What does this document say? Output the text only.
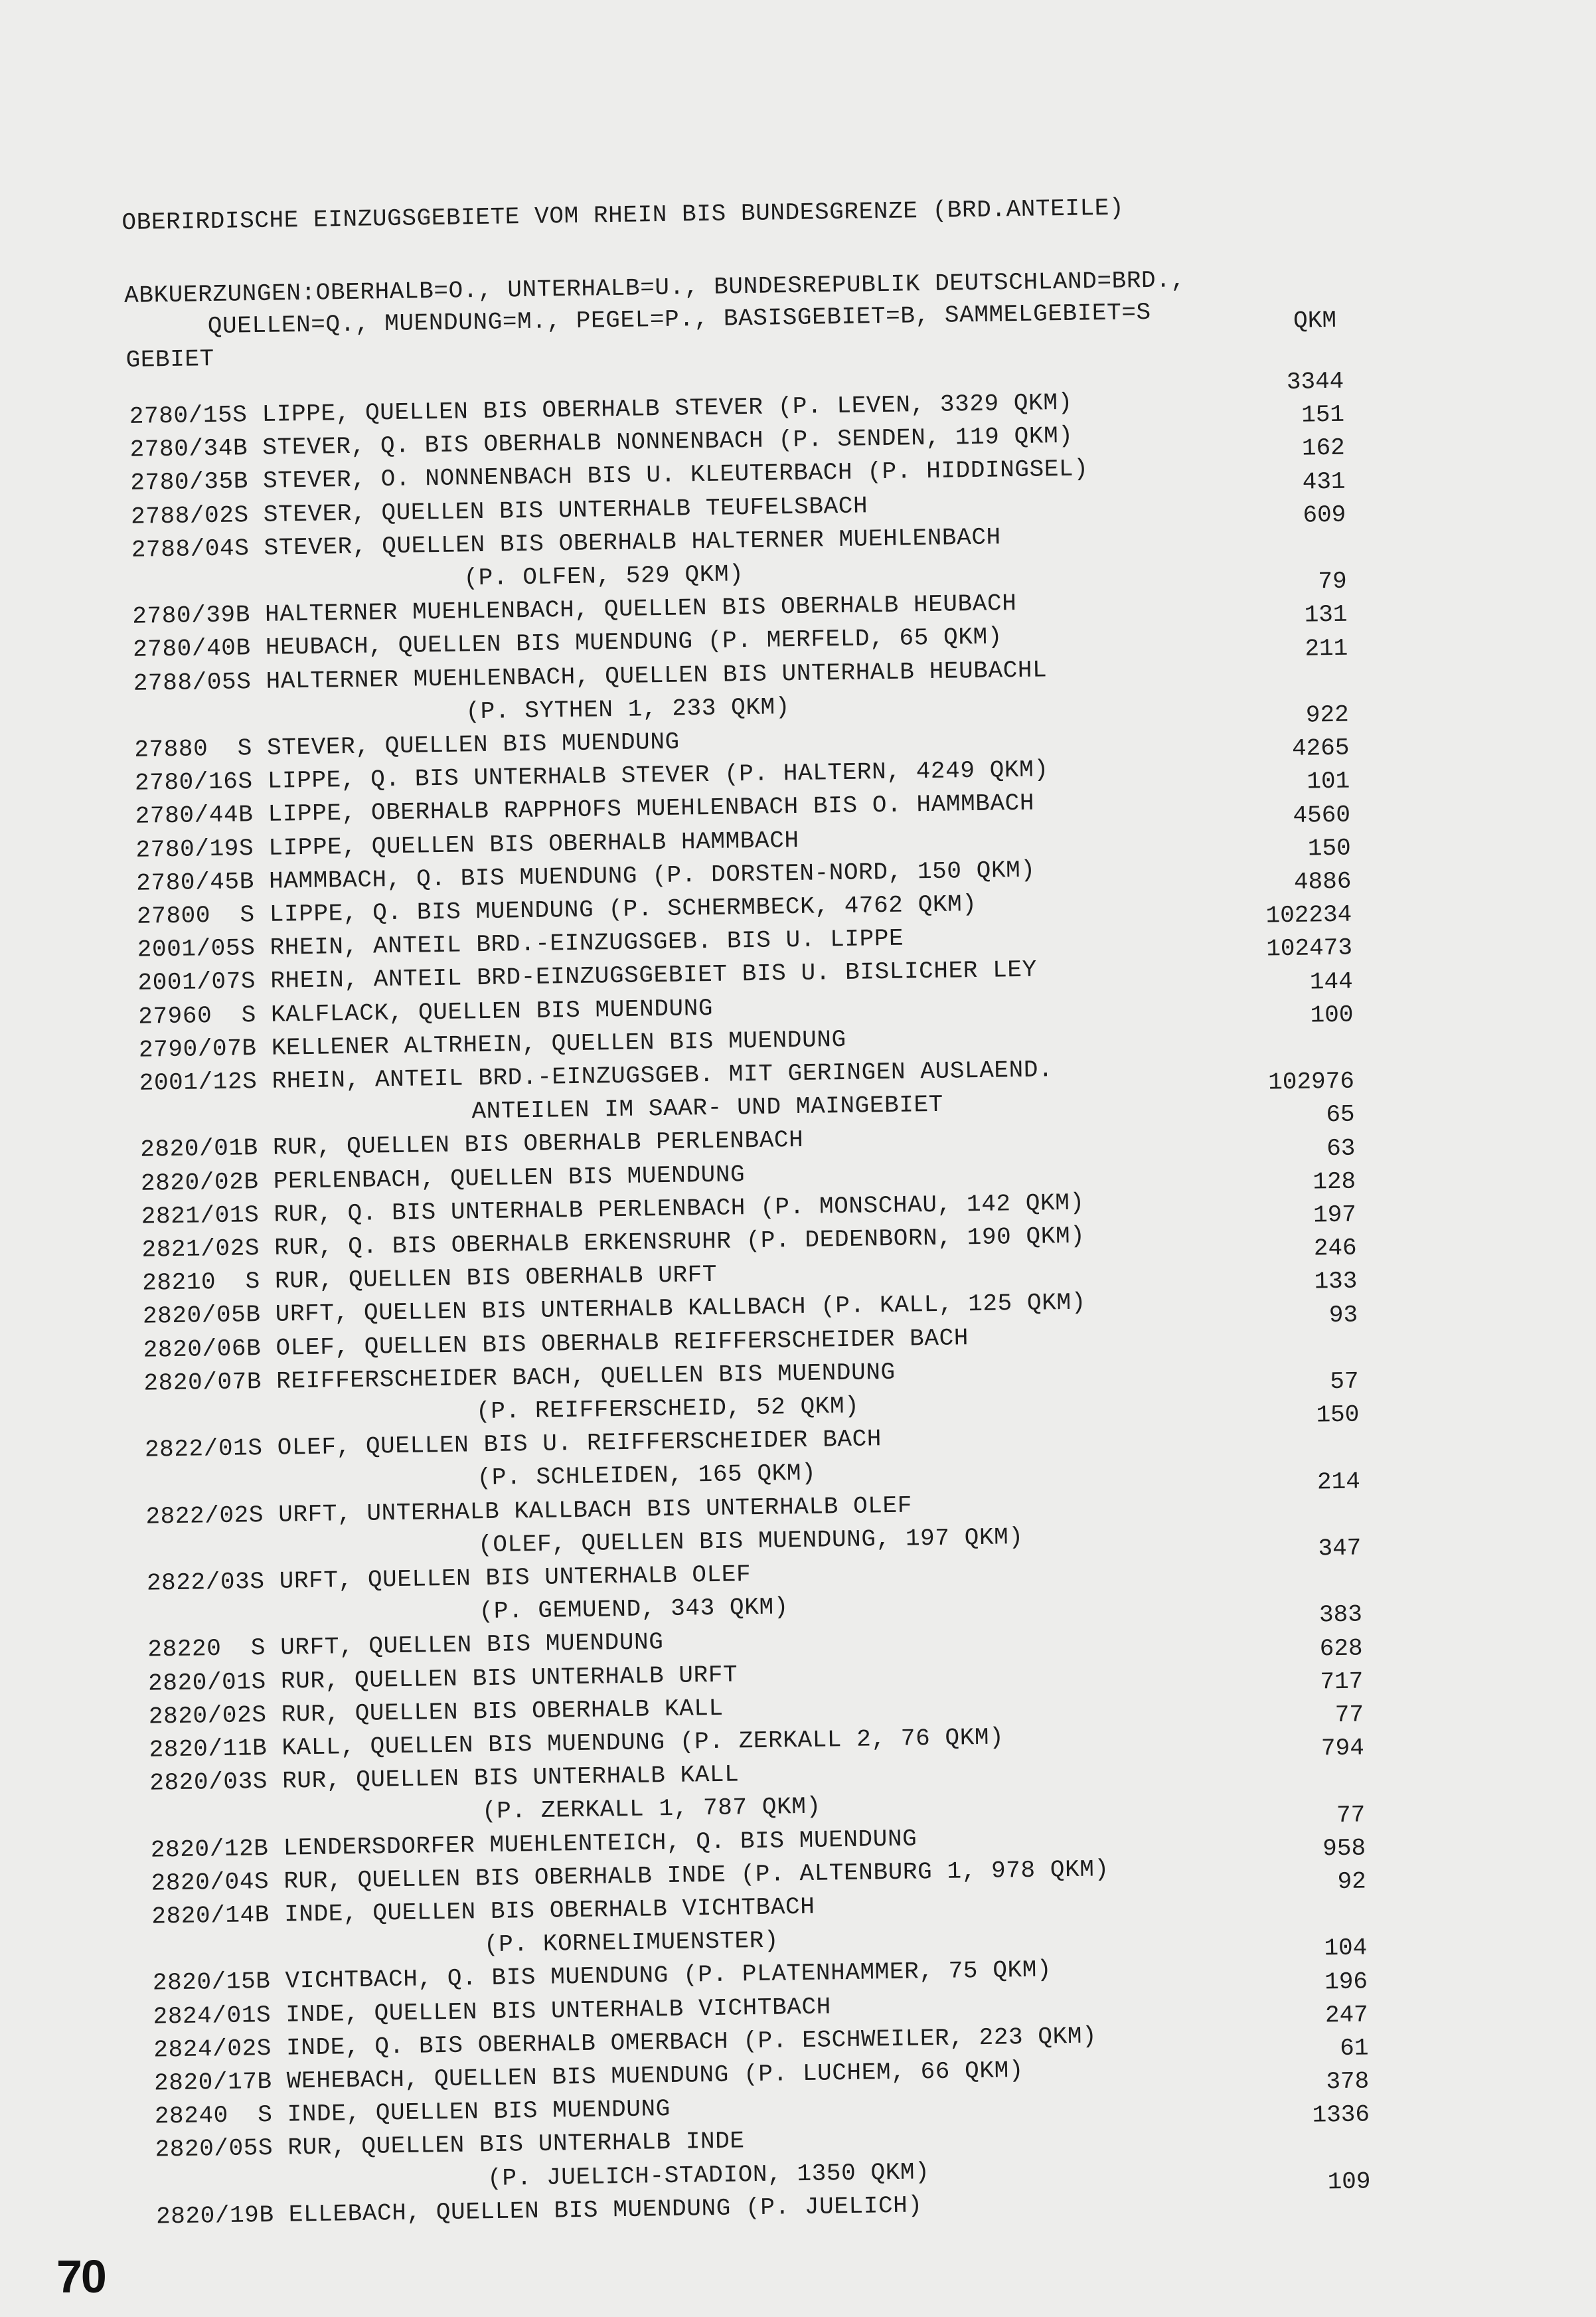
OBERIRDISCHE EINZUGSGEBIETE VOM RHEIN BIS BUNDESGRENZE (BRD.ANTEILE)
ABKUERZUNGEN:OBERHALB=O., UNTERHALB=U., BUNDESREPUBLIK DEUTSCHLAND=BRD.,
QUELLEN=Q., MUENDUNG=M., PEGEL=P., BASISGEBIET=B, SAMMELGEBIET=S
GEBIET
QKM
2780/15S LIPPE, QUELLEN BIS OBERHALB STEVER (P. LEVEN, 3329 QKM)
3344
2780/34B STEVER, Q. BIS OBERHALB NONNENBACH (P. SENDEN, 119 QKM)
151
2780/35B STEVER, O. NONNENBACH BIS U. KLEUTERBACH (P. HIDDINGSEL)
162
2788/02S STEVER, QUELLEN BIS UNTERHALB TEUFELSBACH
431
2788/04S STEVER, QUELLEN BIS OBERHALB HALTERNER MUEHLENBACH
609
(P. OLFEN, 529 QKM)
2780/39B HALTERNER MUEHLENBACH, QUELLEN BIS OBERHALB HEUBACH
79
2780/40B HEUBACH, QUELLEN BIS MUENDUNG (P. MERFELD, 65 QKM)
131
2788/05S HALTERNER MUEHLENBACH, QUELLEN BIS UNTERHALB HEUBACHL
211
(P. SYTHEN 1, 233 QKM)
27880  S STEVER, QUELLEN BIS MUENDUNG
922
2780/16S LIPPE, Q. BIS UNTERHALB STEVER (P. HALTERN, 4249 QKM)
4265
2780/44B LIPPE, OBERHALB RAPPHOFS MUEHLENBACH BIS O. HAMMBACH
101
2780/19S LIPPE, QUELLEN BIS OBERHALB HAMMBACH
4560
2780/45B HAMMBACH, Q. BIS MUENDUNG (P. DORSTEN-NORD, 150 QKM)
150
27800  S LIPPE, Q. BIS MUENDUNG (P. SCHERMBECK, 4762 QKM)
4886
2001/05S RHEIN, ANTEIL BRD.-EINZUGSGEB. BIS U. LIPPE
102234
2001/07S RHEIN, ANTEIL BRD-EINZUGSGEBIET BIS U. BISLICHER LEY
102473
27960  S KALFLACK, QUELLEN BIS MUENDUNG
144
2790/07B KELLENER ALTRHEIN, QUELLEN BIS MUENDUNG
100
2001/12S RHEIN, ANTEIL BRD.-EINZUGSGEB. MIT GERINGEN AUSLAEND.
ANTEILEN IM SAAR- UND MAINGEBIET
102976
2820/01B RUR, QUELLEN BIS OBERHALB PERLENBACH
65
2820/02B PERLENBACH, QUELLEN BIS MUENDUNG
63
2821/01S RUR, Q. BIS UNTERHALB PERLENBACH (P. MONSCHAU, 142 QKM)
128
2821/02S RUR, Q. BIS OBERHALB ERKENSRUHR (P. DEDENBORN, 190 QKM)
197
28210  S RUR, QUELLEN BIS OBERHALB URFT
246
2820/05B URFT, QUELLEN BIS UNTERHALB KALLBACH (P. KALL, 125 QKM)
133
2820/06B OLEF, QUELLEN BIS OBERHALB REIFFERSCHEIDER BACH
93
2820/07B REIFFERSCHEIDER BACH, QUELLEN BIS MUENDUNG
(P. REIFFERSCHEID, 52 QKM)
57
2822/01S OLEF, QUELLEN BIS U. REIFFERSCHEIDER BACH
150
(P. SCHLEIDEN, 165 QKM)
2822/02S URFT, UNTERHALB KALLBACH BIS UNTERHALB OLEF
214
(OLEF, QUELLEN BIS MUENDUNG, 197 QKM)
2822/03S URFT, QUELLEN BIS UNTERHALB OLEF
347
(P. GEMUEND, 343 QKM)
28220  S URFT, QUELLEN BIS MUENDUNG
383
2820/01S RUR, QUELLEN BIS UNTERHALB URFT
628
2820/02S RUR, QUELLEN BIS OBERHALB KALL
717
2820/11B KALL, QUELLEN BIS MUENDUNG (P. ZERKALL 2, 76 QKM)
77
2820/03S RUR, QUELLEN BIS UNTERHALB KALL
794
(P. ZERKALL 1, 787 QKM)
2820/12B LENDERSDORFER MUEHLENTEICH, Q. BIS MUENDUNG
77
2820/04S RUR, QUELLEN BIS OBERHALB INDE (P. ALTENBURG 1, 978 QKM)
958
2820/14B INDE, QUELLEN BIS OBERHALB VICHTBACH
92
(P. KORNELIMUENSTER)
2820/15B VICHTBACH, Q. BIS MUENDUNG (P. PLATENHAMMER, 75 QKM)
104
2824/01S INDE, QUELLEN BIS UNTERHALB VICHTBACH
196
2824/02S INDE, Q. BIS OBERHALB OMERBACH (P. ESCHWEILER, 223 QKM)
247
2820/17B WEHEBACH, QUELLEN BIS MUENDUNG (P. LUCHEM, 66 QKM)
61
28240  S INDE, QUELLEN BIS MUENDUNG
378
2820/05S RUR, QUELLEN BIS UNTERHALB INDE
1336
(P. JUELICH-STADION, 1350 QKM)
2820/19B ELLEBACH, QUELLEN BIS MUENDUNG (P. JUELICH)
109
70
